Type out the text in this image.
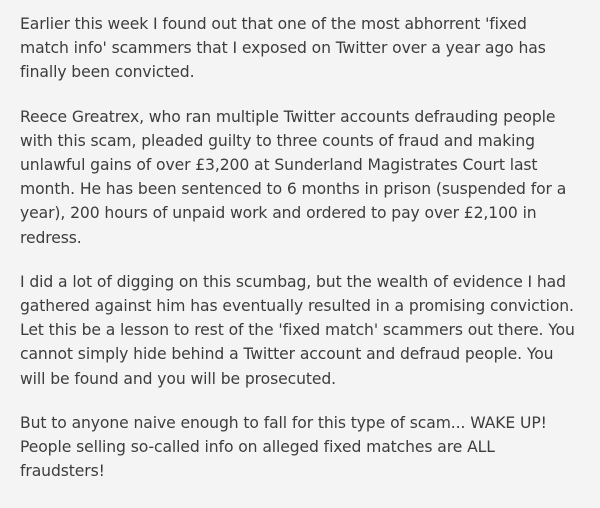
Earlier this week I found out that one of the most abhorrent 'fixed match info' scammers that I exposed on Twitter over a year ago has finally been convicted.

Reece Greatrex, who ran multiple Twitter accounts defrauding people with this scam, pleaded guilty to three counts of fraud and making unlawful gains of over £3,200 at Sunderland Magistrates Court last month. He has been sentenced to 6 months in prison (suspended for a year), 200 hours of unpaid work and ordered to pay over £2,100 in redress.

I did a lot of digging on this scumbag, but the wealth of evidence I had gathered against him has eventually resulted in a promising conviction. Let this be a lesson to rest of the 'fixed match' scammers out there. You cannot simply hide behind a Twitter account and defraud people. You will be found and you will be prosecuted.

But to anyone naive enough to fall for this type of scam... WAKE UP! People selling so-called info on alleged fixed matches are ALL fraudsters!
